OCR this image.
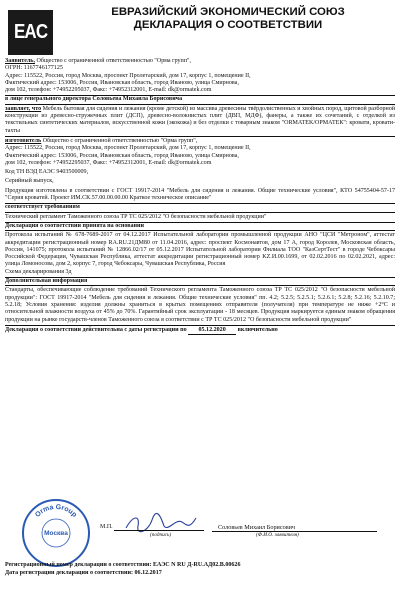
EAC
ЕВРАЗИЙСКИЙ ЭКОНОМИЧЕСКИЙ СОЮЗ
ДЕКЛАРАЦИЯ О СООТВЕТСТВИИ
Заявитель, Общество с ограниченной ответственностью "Орма групп",
ОГРН: 1167746177125
Адрес: 115522, Россия, город Москва, проспект Пролетарский, дом 17, корпус 1, помещение II,
Фактический адрес: 153006, Россия, Ивановская область, город Иваново, улица Смирнова,
дом 102, телефон: +74952295037, Факс: +74952312001, E-mail: dk@ormatek.com
в лице генерального директора Соловьева Михаила Борисовича
заявляет, что Мебель бытовая для сидения и лежания (кроме детской) из массива древесины твёрдолиственных и хвойных пород, щитовой разборной конструкции из древесно-стружечных плит (ДСП), древесно-волокнистых плит (ДВП, МДФ), фанеры, а также их сочетаний, с отделкой из текстильных синтетических материалов, искусственной кожи (экокожа) и без отделки с товарным знаком "ORMATEK/ОРМАТЕК": кровати, кровати-тахты
изготовитель Общество с ограниченной ответственностью "Орма групп",
Адрес: 115522, Россия, город Москва, проспект Пролетарский, дом 17, корпус 1, помещение II,
Фактический адрес: 153006, Россия, Ивановская область, город Иваново, улица Смирнова,
дом 102, телефон: +74952295037, Факс: +74952312001, E-mail: dk@ormatek.com
Код ТН ВЭД ЕАЭС 9403500009,
Серийный выпуск,
Продукция изготовлена в соответствии с ГОСТ 19917-2014 "Мебель для сидения и лежания. Общие технические условия", КТО 54755404-57-17 "Серия кроватей. Проект ИМ.СК.57.00.00.00.00 Краткое техническое описание"
соответствует требованиям
Технический регламент Таможенного союза ТР ТС 025/2012 "О безопасности мебельной продукции"
Декларация о соответствии принята на основании
Протокола испытаний № 678-7689-2017 от 04.12.2017 Испытательной лаборатории промышленной продукции АНО "ЦСИ "Метроном", аттестат аккредитации регистрационный номер RA.RU.21ДМ80 от 11.04.2016, адрес: проспект Космонавтов, дом 17 А, город Королев, Московская область, Россия, 141075; протокола испытаний № 12866.02/17 от 05.12.2017 Испытательной лаборатории Филиала ТОО "КазСертТест" в городе Чебоксары Российской Федерации, Чувашская Республика, аттестат аккредитации регистрационный номер KZ.И.00.1699, от 02.02.2016 по 02.02.2021, адрес: улица Ломоносова, дом 2, корпус 7, город Чебоксары, Чувашская Республика, Россия
Схема декларирования 3д
Дополнительная информация
Стандарты, обеспечивающие соблюдение требований Технического регламента Таможенного союза ТР ТС 025/2012 "О безопасности мебельной продукции": ГОСТ 19917-2014 "Мебель для сидения и лежания. Общие технические условия" пп. 4.2; 5.2.5; 5.2.5.1; 5.2.6.1; 5.2.8; 5.2.16; 5.2.10.7; 5.2.18; Условия хранения: изделия должны храниться в крытых помещениях отправителя (получателя) при температуре не ниже +2°С и относительной влажности воздуха от 45% до 70%. Гарантийный срок эксплуатации - 18 месяцев. Продукция маркируется единым знаком обращения продукции на рынке государств-членов Таможенного союза в соответствии с ТР ТС 025/2012 "О безопасности мебельной продукции"
Декларация о соответствии действительна с даты регистрации по 05.12.2020 включительно
Orma Group
Москва
М.П.
(подпись)
Соловьев Михаил Борисович
(Ф.И.О. заявителя)
Регистрационный номер декларации о соответствии: ЕАЭС N RU Д-RU.АД02.В.00626
Дата регистрации декларации о соответствии: 06.12.2017
